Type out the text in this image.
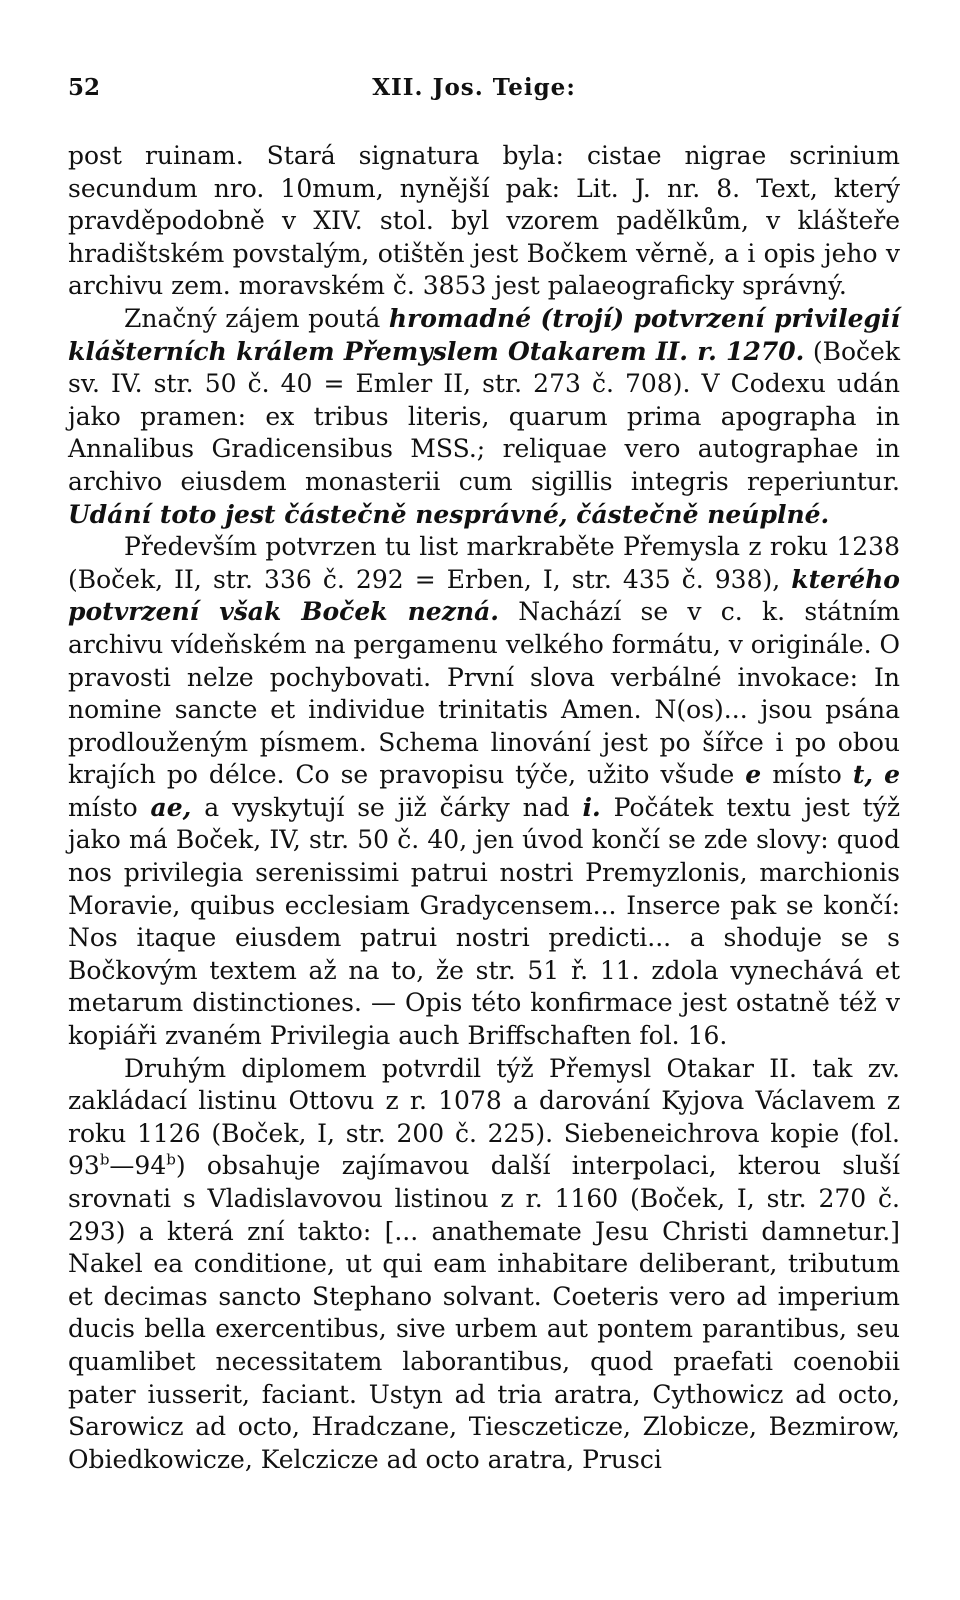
52	XII. Jos. Teige:

post ruinam. Stará signatura byla: cistae nigrae scrinium secundum nro. 10mum, nynější pak: Lit. J. nr. 8. Text, který pravděpodobně v XIV. stol. byl vzorem padělkům, v klášteře hradištském povstalým, otištěn jest Bočkem věrně, a i opis jeho v archivu zem. moravském č. 3853 jest palaeograficky správný.

Značný zájem poutá hromadné (trojí) potvrzení privilegií klášterních králem Přemyslem Otakarem II. r. 1270. (Boček sv. IV. str. 50 č. 40 = Emler II, str. 273 č. 708). V Codexu udán jako pramen: ex tribus literis, quarum prima apographa in Annalibus Gradicensibus MSS.; reliquae vero autographae in archivo eiusdem monasterii cum sigillis integris reperiuntur. Udání toto jest částečně nesprávné, částečně neúplné.

Především potvrzen tu list markraběte Přemysla z roku 1238 (Boček, II, str. 336 č. 292 = Erben, I, str. 435 č. 938), kterého potvrzení však Boček nezná. Nachází se v c. k. státním archivu vídeňském na pergamenu velkého formátu, v originále. O pravosti nelze pochybovati. První slova verbálné invokace: In nomine sancte et individue trinitatis Amen. N(os)... jsou psána prodlouženým písmem. Schema linování jest po šířce i po obou krajích po délce. Co se pravopisu týče, užito všude e místo t, e místo ae, a vyskytují se již čárky nad i. Počátek textu jest týž jako má Boček, IV, str. 50 č. 40, jen úvod končí se zde slovy: quod nos privilegia serenissimi patrui nostri Premyzlonis, marchionis Moravie, quibus ecclesiam Gradycensem... Inserce pak se končí: Nos itaque eiusdem patrui nostri predicti... a shoduje se s Bočkovým textem až na to, že str. 51 ř. 11. zdola vynechává et metarum distinctiones. — Opis této konfirmace jest ostatně též v kopiáři zvaném Privilegia auch Briffschaften fol. 16.

Druhým diplomem potvrdil týž Přemysl Otakar II. tak zv. zakládací listinu Ottovu z r. 1078 a darování Kyjova Václavem z roku 1126 (Boček, I, str. 200 č. 225). Siebeneichrova kopie (fol. 93$^b$—94$^b$) obsahuje zajímavou další interpolaci, kterou sluší srovnati s Vladislavovou listinou z r. 1160 (Boček, I, str. 270 č. 293) a která zní takto: [... anathemate Jesu Christi damnetur.] Nakel ea conditione, ut qui eam inhabitare deliberant, tributum et decimas sancto Stephano solvant. Coeteris vero ad imperium ducis bella exercentibus, sive urbem aut pontem parantibus, seu quamlibet necessitatem laborantibus, quod praefati coenobii pater iusserit, faciant. Ustyn ad tria aratra, Cythowicz ad octo, Sarowicz ad octo, Hradczane, Tiesczeticze, Zlobicze, Bezmirow, Obiedkowicze, Kelczicze ad octo aratra, Prusci
